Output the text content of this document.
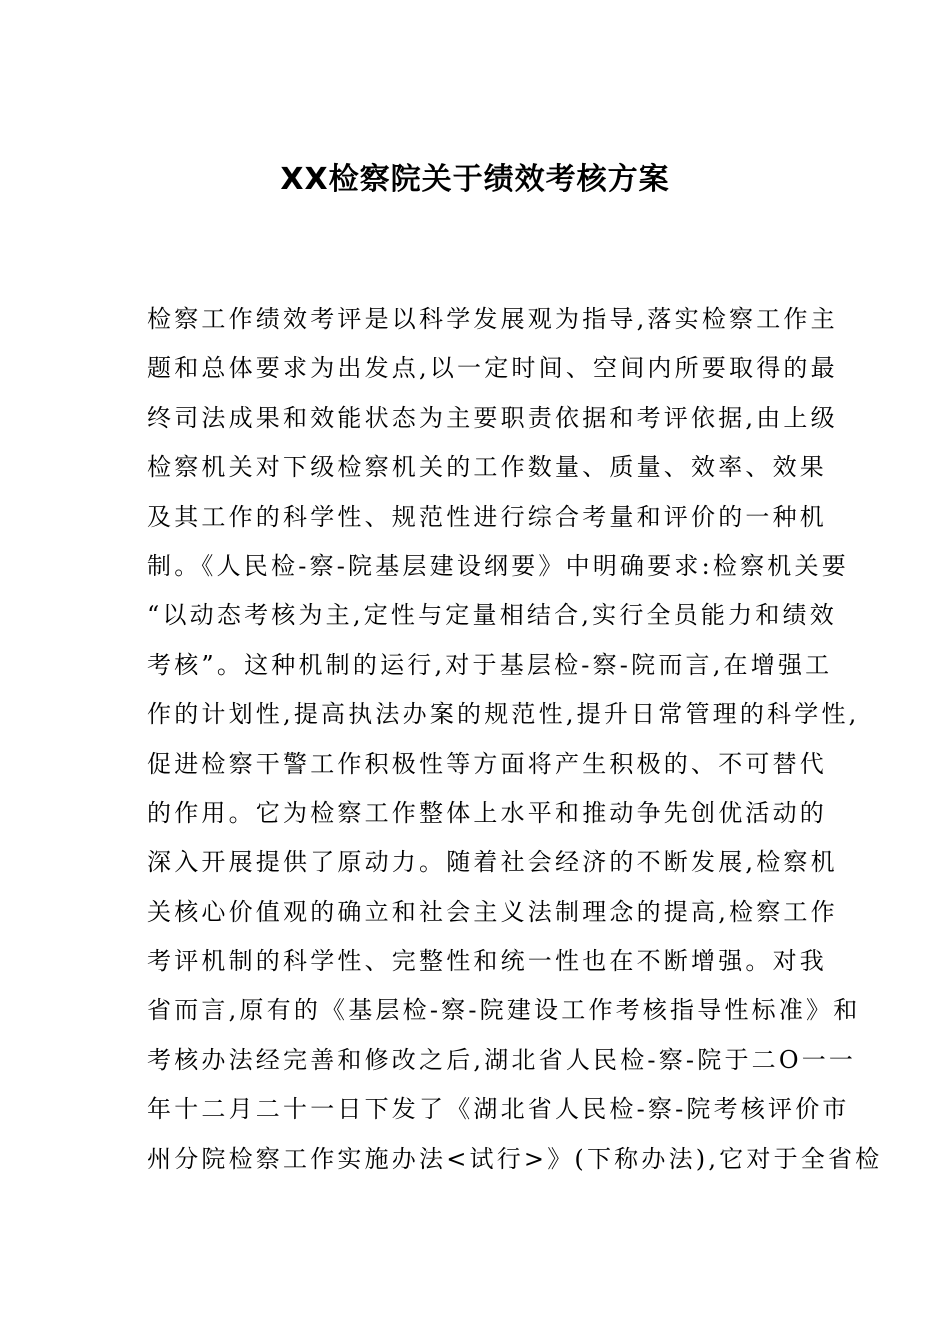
XX检察院关于绩效考核方案
检察工作绩效考评是以科学发展观为指导,落实检察工作主
题和总体要求为出发点,以一定时间、空间内所要取得的最
终司法成果和效能状态为主要职责依据和考评依据,由上级
检察机关对下级检察机关的工作数量、质量、效率、效果
及其工作的科学性、规范性进行综合考量和评价的一种机
制。《人民检-察-院基层建设纲要》中明确要求:检察机关要
“以动态考核为主,定性与定量相结合,实行全员能力和绩效
考核”。这种机制的运行,对于基层检-察-院而言,在增强工
作的计划性,提高执法办案的规范性,提升日常管理的科学性,
促进检察干警工作积极性等方面将产生积极的、不可替代
的作用。它为检察工作整体上水平和推动争先创优活动的
深入开展提供了原动力。随着社会经济的不断发展,检察机
关核心价值观的确立和社会主义法制理念的提高,检察工作
考评机制的科学性、完整性和统一性也在不断增强。对我
省而言,原有的《基层检-察-院建设工作考核指导性标准》和
考核办法经完善和修改之后,湖北省人民检-察-院于二O一一
年十二月二十一日下发了《湖北省人民检-察-院考核评价市
州分院检察工作实施办法<试行>》(下称办法),它对于全省检
